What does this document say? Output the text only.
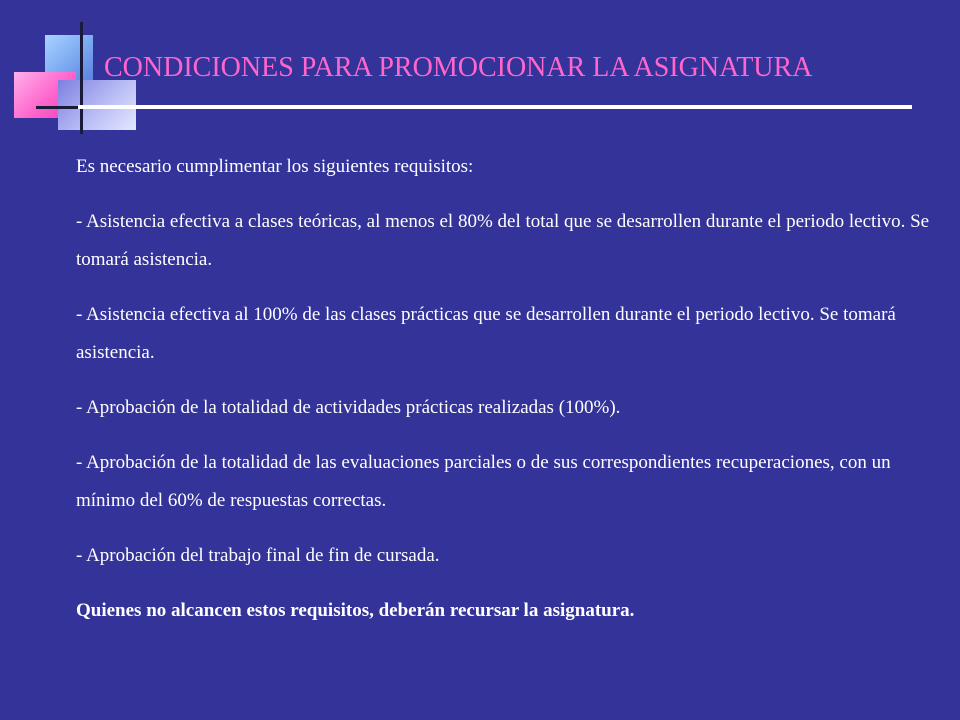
CONDICIONES PARA PROMOCIONAR LA ASIGNATURA

Es necesario cumplimentar los siguientes requisitos:

- Asistencia efectiva a clases teóricas, al menos el 80% del total que se desarrollen durante el periodo lectivo. Se tomará asistencia.

- Asistencia efectiva al 100% de las clases prácticas que se desarrollen durante el periodo lectivo. Se tomará asistencia.

- Aprobación de la totalidad de actividades prácticas realizadas (100%).

- Aprobación de la totalidad de las evaluaciones parciales o de sus correspondientes recuperaciones, con un mínimo del 60% de respuestas correctas.

- Aprobación del trabajo final de fin de cursada.

Quienes no alcancen estos requisitos, deberán recursar la asignatura.
